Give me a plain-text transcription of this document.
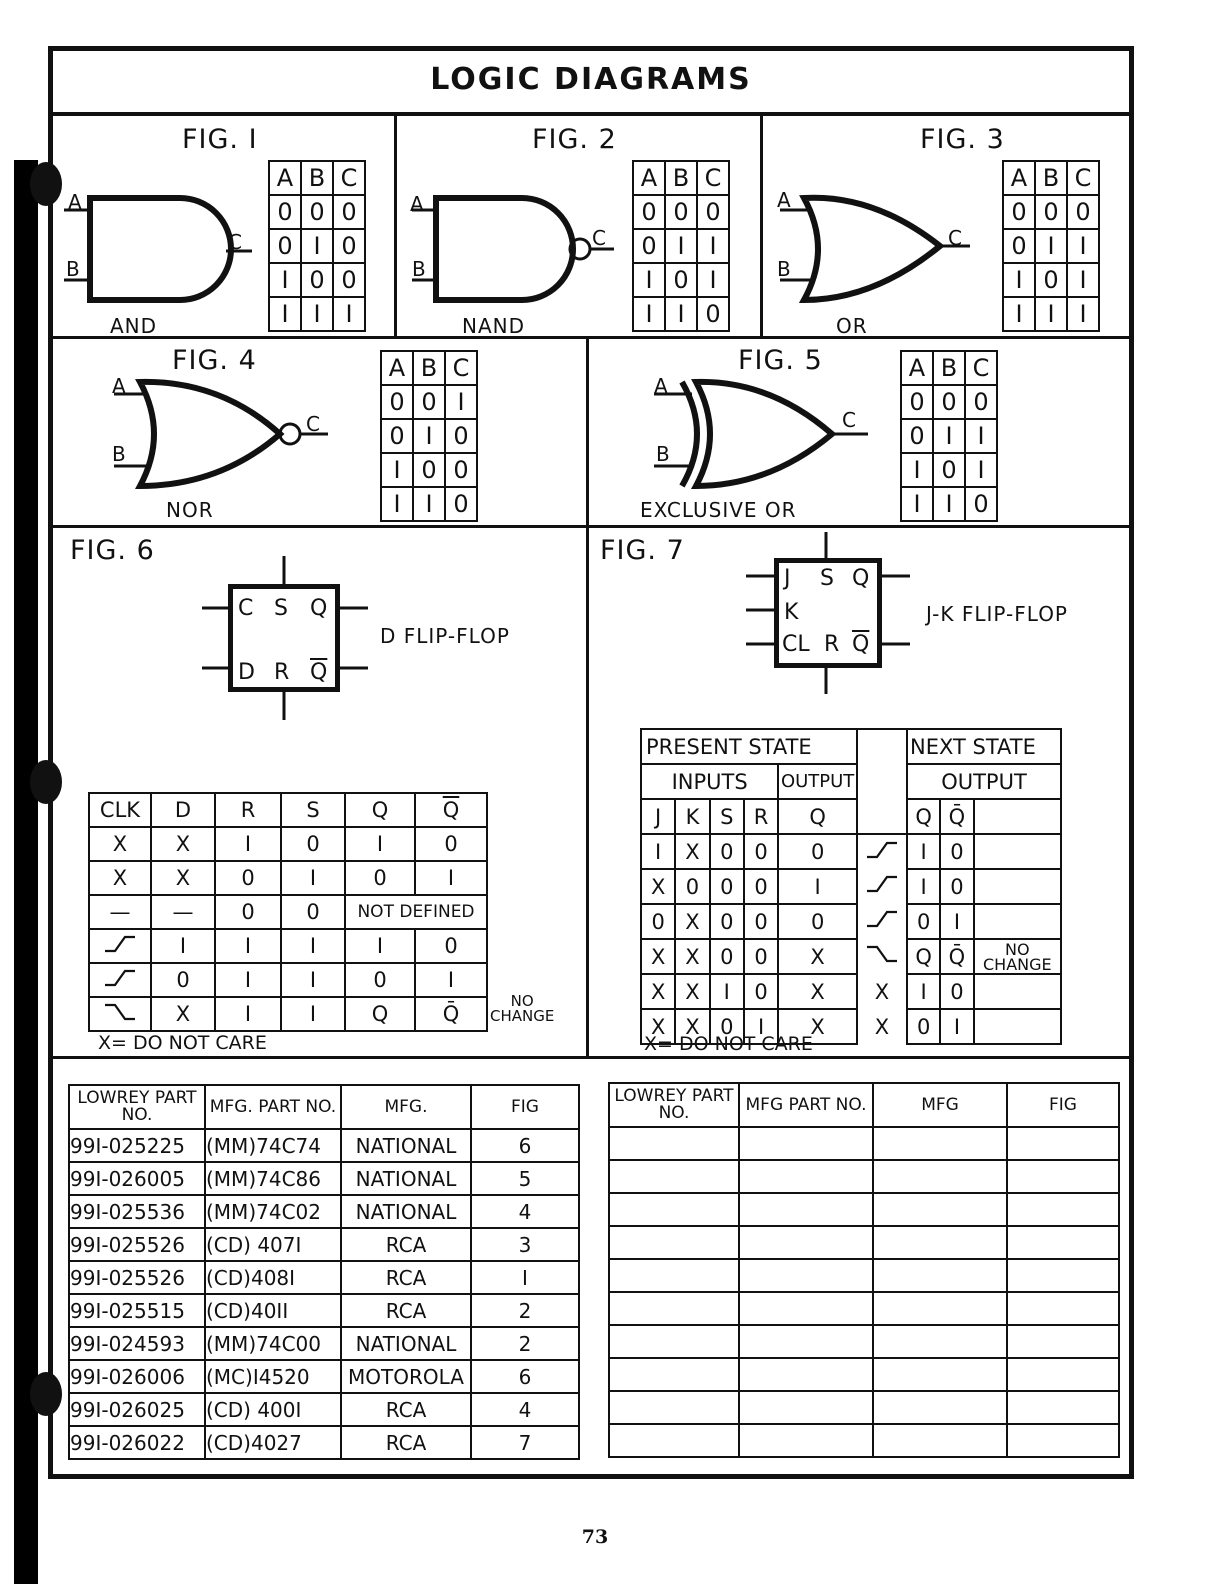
LOGIC DIAGRAMS
FIG. I
A
B
C
AND
A	B	C
0	0	0
0	I	0
I	0	0
I	I	I
FIG. 2
A
B
C
NAND
A	B	C
0	0	0
0	I	I
I	0	I
I	I	0
FIG. 3
A
B
C
OR
A	B	C
0	0	0
0	I	I
I	0	I
I	I	I
FIG. 4
A
B
C
NOR
A	B	C
0	0	I
0	I	0
I	0	0
I	I	0
FIG. 5
A
B
C
EXCLUSIVE OR
A	B	C
0	0	0
0	I	I
I	0	I
I	I	0
FIG. 6
C S Q
D R $\overline{Q}$
D FLIP-FLOP
CLK	D	R	S	Q	$\overline{Q}$
X	X	I	0	I	0
X	X	0	I	0	I
—	—	0	0	NOT DEFINED	
	I	I	I	I	0
	0	I	I	0	I
	X	I	I	Q	Q̄
NO
CHANGE
X= DO NOT CARE
FIG. 7
J S Q
K
CL R $\overline{Q}$
J-K FLIP-FLOP
PRESENT STATE						NEXT STATE		
INPUTS				OUTPUT		OUTPUT		
J	K	S	R	Q		Q	Q̄	
I	X	0	0	0		I	0	
X	0	0	0	I		I	0	
0	X	0	0	0		0	I	
X	X	0	0	X		Q	Q̄	NO CHANGE
X	X	I	0	X	X	I	0	
X	X	0	I	X	X	0	I	
X= DO NOT CARE
LOWREY PART NO.	MFG. PART NO.	MFG.	FIG
99I-025225	(MM)74C74	NATIONAL	6
99I-026005	(MM)74C86	NATIONAL	5
99I-025536	(MM)74C02	NATIONAL	4
99I-025526	(CD) 407I	RCA	3
99I-025526	(CD)408I	RCA	I
99I-025515	(CD)40II	RCA	2
99I-024593	(MM)74C00	NATIONAL	2
99I-026006	(MC)I4520	MOTOROLA	6
99I-026025	(CD) 400I	RCA	4
99I-026022	(CD)4027	RCA	7
LOWREY PART NO.	MFG PART NO.	MFG	FIG

73
